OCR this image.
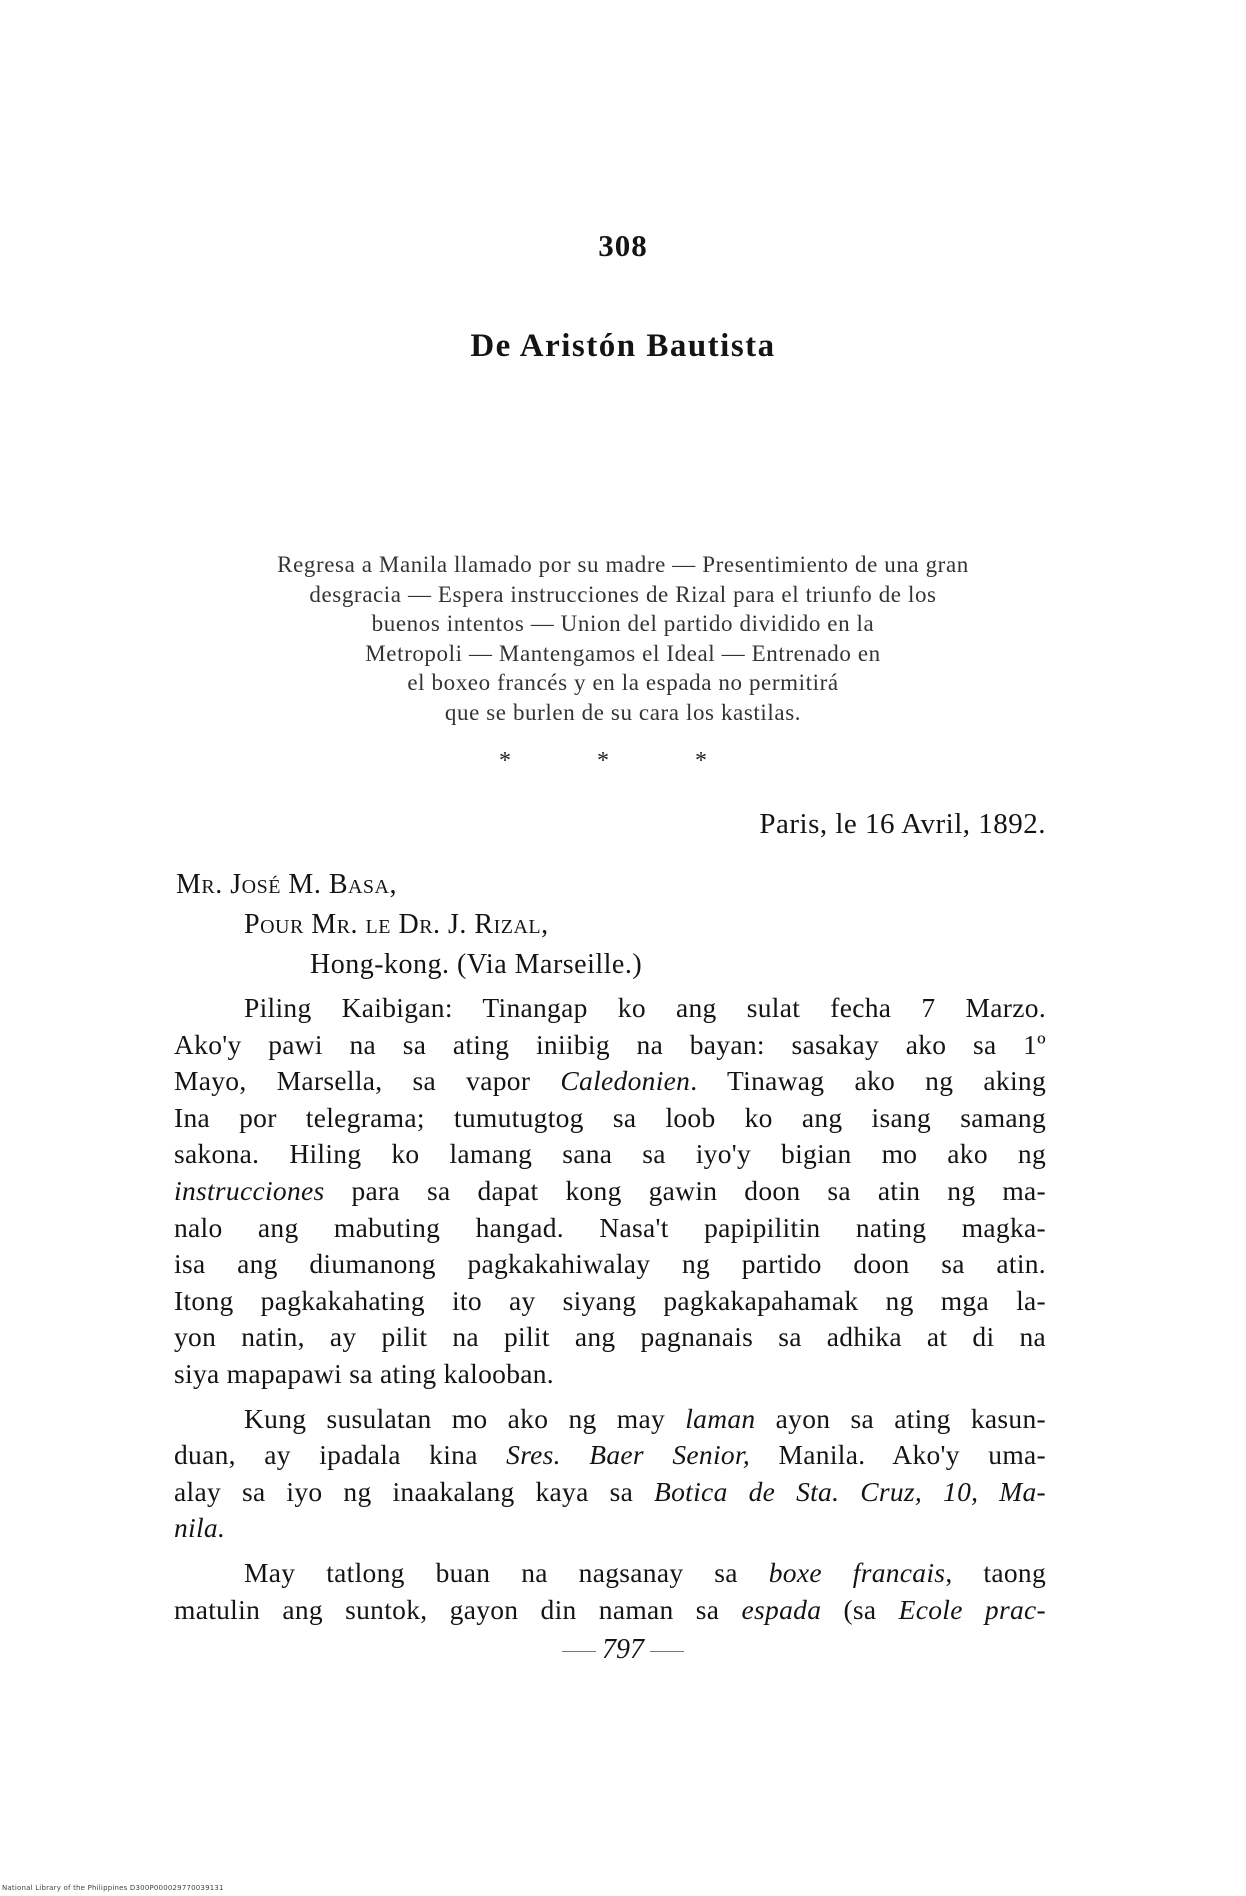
308
De Aristón Bautista
Regresa a Manila llamado por su madre — Presentimiento de una gran
desgracia — Espera instrucciones de Rizal para el triunfo de los
buenos intentos — Union del partido dividido en la
Metropoli — Mantengamos el Ideal — Entrenado en
el boxeo francés y en la espada no permitirá
que se burlen de su cara los kastilas.
* * *
Paris, le 16 Avril, 1892.
Mr. José M. Basa,
Pour Mr. le Dr. J. Rizal,
Hong-kong. (Via Marseille.)

Piling Kaibigan: Tinangap ko ang sulat fecha 7 Marzo.
Ako'y pawi na sa ating iniibig na bayan: sasakay ako sa 1º
Mayo, Marsella, sa vapor Caledonien. Tinawag ako ng aking
Ina por telegrama; tumutugtog sa loob ko ang isang samang
sakona. Hiling ko lamang sana sa iyo'y bigian mo ako ng
instrucciones para sa dapat kong gawin doon sa atin ng ma-
nalo ang mabuting hangad. Nasa't papipilitin nating magka-
isa ang diumanong pagkakahiwalay ng partido doon sa atin.
Itong pagkakahating ito ay siyang pagkakapahamak ng mga la-
yon natin, ay pilit na pilit ang pagnanais sa adhika at di na
siya mapapawi sa ating kalooban.

Kung susulatan mo ako ng may laman ayon sa ating kasun-
duan, ay ipadala kina Sres. Baer Senior, Manila. Ako'y uma-
alay sa iyo ng inaakalang kaya sa Botica de Sta. Cruz, 10, Ma-
nila.

May tatlong buan na nagsanay sa boxe francais, taong
matulin ang suntok, gayon din naman sa espada (sa Ecole prac-

797
National Library of the Philippines D300P000029770039131
